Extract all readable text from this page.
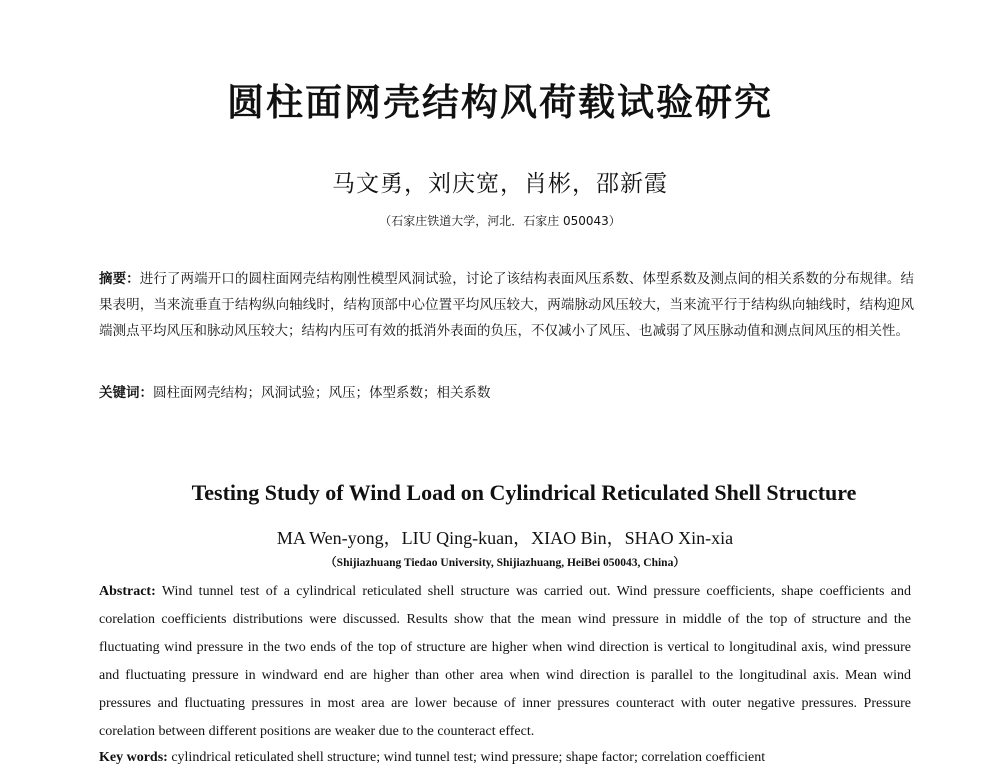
圆柱面网壳结构风荷载试验研究
马文勇，刘庆宽，肖彬，邵新霞
（石家庄铁道大学，河北．石家庄 050043）
摘要：进行了两端开口的圆柱面网壳结构刚性模型风洞试验，讨论了该结构表面风压系数、体型系数及测点间的相关系数的分布规律。结果表明，当来流垂直于结构纵向轴线时，结构顶部中心位置平均风压较大，两端脉动风压较大，当来流平行于结构纵向轴线时，结构迎风端测点平均风压和脉动风压较大；结构内压可有效的抵消外表面的负压，不仅减小了风压、也减弱了风压脉动值和测点间风压的相关性。
关键词：圆柱面网壳结构；风洞试验；风压；体型系数；相关系数
Testing Study of Wind Load on Cylindrical Reticulated Shell Structure
MA Wen-yong，LIU Qing-kuan，XIAO Bin，SHAO Xin-xia
（Shijiazhuang Tiedao University, Shijiazhuang, HeiBei 050043, China）
Abstract: Wind tunnel test of a cylindrical reticulated shell structure was carried out. Wind pressure coefficients, shape coefficients and corelation coefficients distributions were discussed. Results show that the mean wind pressure in middle of the top of structure and the fluctuating wind pressure in the two ends of the top of structure are higher when wind direction is vertical to longitudinal axis, wind pressure and fluctuating pressure in windward end are higher than other area when wind direction is parallel to the longitudinal axis. Mean wind pressures and fluctuating pressures in most area are lower because of inner pressures counteract with outer negative pressures. Pressure corelation between different positions are weaker due to the counteract effect.
Key words: cylindrical reticulated shell structure; wind tunnel test; wind pressure; shape factor; correlation coefficient
